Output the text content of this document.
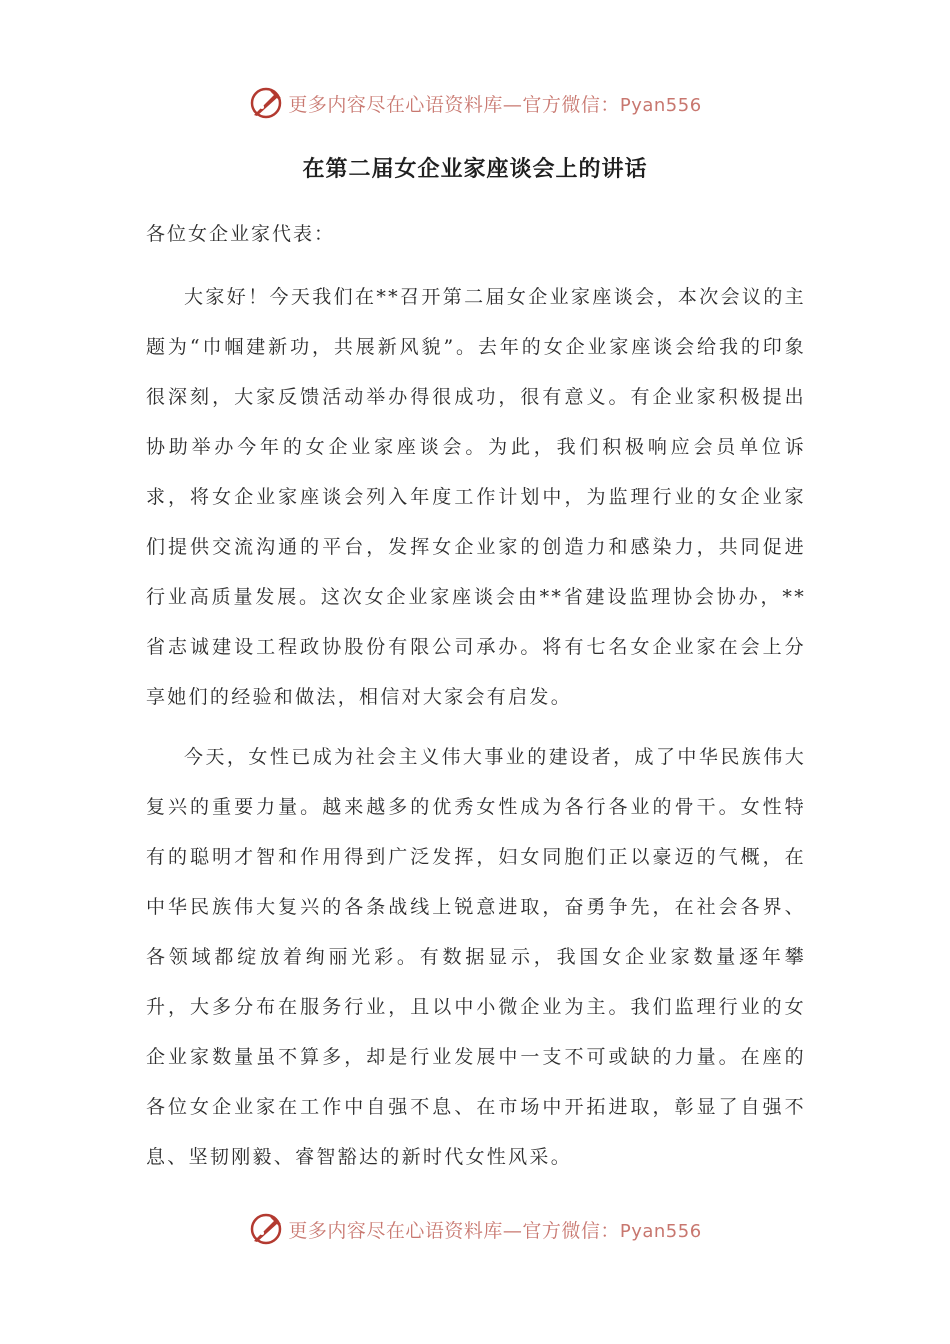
更多内容尽在心语资料库—官方微信：Pyan556
在第二届女企业家座谈会上的讲话
各位女企业家代表：

大家好！今天我们在**召开第二届女企业家座谈会，本次会议的主题为“巾帼建新功，共展新风貌”。去年的女企业家座谈会给我的印象很深刻，大家反馈活动举办得很成功，很有意义。有企业家积极提出协助举办今年的女企业家座谈会。为此，我们积极响应会员单位诉求，将女企业家座谈会列入年度工作计划中，为监理行业的女企业家们提供交流沟通的平台，发挥女企业家的创造力和感染力，共同促进行业高质量发展。这次女企业家座谈会由**省建设监理协会协办，**省志诚建设工程政协股份有限公司承办。将有七名女企业家在会上分享她们的经验和做法，相信对大家会有启发。

今天，女性已成为社会主义伟大事业的建设者，成了中华民族伟大复兴的重要力量。越来越多的优秀女性成为各行各业的骨干。女性特有的聪明才智和作用得到广泛发挥，妇女同胞们正以豪迈的气概，在中华民族伟大复兴的各条战线上锐意进取，奋勇争先，在社会各界、各领域都绽放着绚丽光彩。有数据显示，我国女企业家数量逐年攀升，大多分布在服务行业，且以中小微企业为主。我们监理行业的女企业家数量虽不算多，却是行业发展中一支不可或缺的力量。在座的各位女企业家在工作中自强不息、在市场中开拓进取，彰显了自强不息、坚韧刚毅、睿智豁达的新时代女性风采。

更多内容尽在心语资料库—官方微信：Pyan556
